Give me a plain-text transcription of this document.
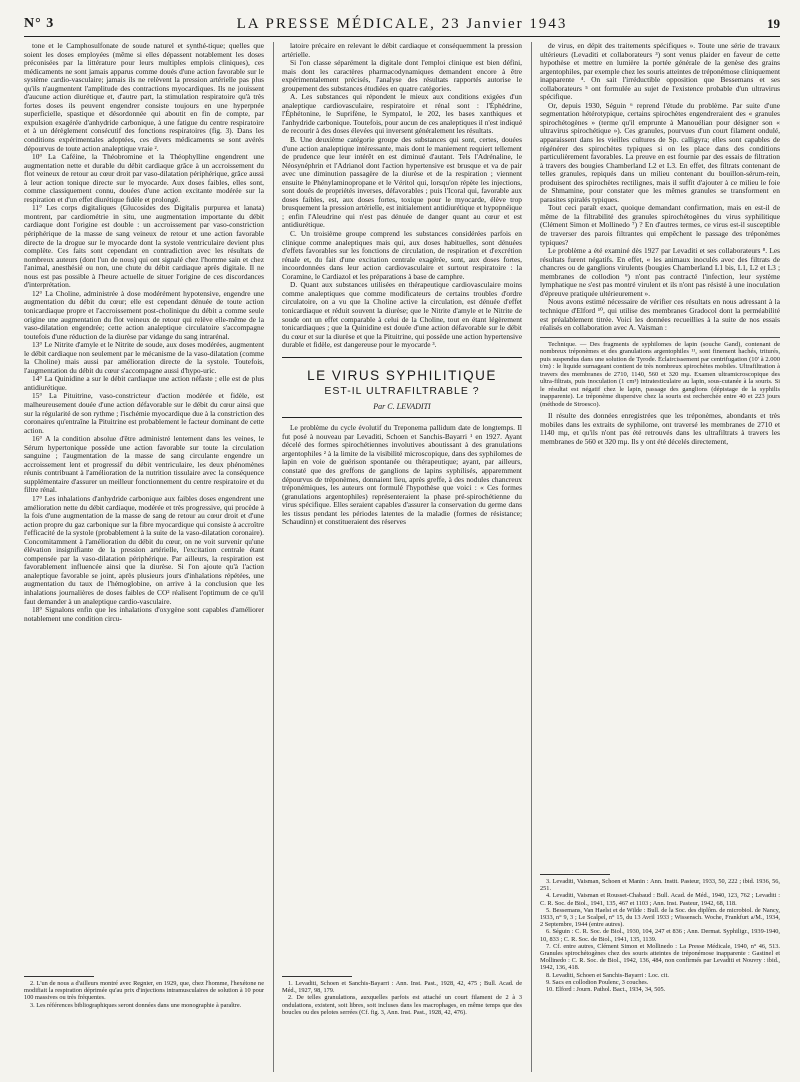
N° 3	LA PRESSE MÉDICALE, 23 Janvier 1943	19

tone et le Camphosulfonate de soude naturel et synthé-tique; quelles que soient les doses employées (même si elles dépassent notablement les doses préconisées par la littérature pour leurs multiples emplois cliniques), ces médicaments ne sont jamais apparus comme doués d'une action favorable sur le système cardio-vasculaire; jamais ils ne relèvent la pression artérielle pas plus qu'ils n'augmentent l'amplitude des contractions myocardiques. Ils ne jouissent d'aucune action diurétique et, d'autre part, la stimulation respiratoire qu'à très fortes doses ils peuvent engendrer consiste toujours en une hyperpnée superficielle, spastique et désordonnée qui aboutit en fin de compte, par expulsion exagérée d'anhydride carbonique, à une fatigue du centre respiratoire et à un dérèglement consécutif des fonctions respiratoires (fig. 3). Dans les conditions expérimentales adoptées, ces divers médicaments se sont avérés dépourvus de toute action analeptique vraie ².

10° La Caféine, la Théobromine et la Théophylline engendrent une augmentation nette et durable du débit cardiaque grâce à un accroissement du flot veineux de retour au cœur droit par vaso-dilatation périphérique, grâce aussi à leur action tonique directe sur le myocarde. Aux doses faibles, elles sont, comme classiquement connu, douées d'une action excitante modérée sur la respiration et d'un effet diurétique fidèle et prolongé.

11° Les corps digitaliques (Glucosides des Digitalis purpurea et lanata) montrent, par cardiométrie in situ, une augmentation importante du débit cardiaque dont l'origine est double : un accroissement par vaso-constriction périphérique de la masse de sang veineux de retour et une action favorable directe de la drogue sur le myocarde dont la systole ventriculaire devient plus complète. Ces faits sont cependant en contradiction avec les résultats de nombreux auteurs (dont l'un de nous) qui ont signalé chez l'homme sain et chez l'animal, anesthésié ou non, une chute du débit cardiaque après digitale. Il ne nous est pas possible à l'heure actuelle de situer l'origine de ces discordances d'interprétation.

12° La Choline, administrée à dose modérément hypotensive, engendre une augmentation du débit du cœur; elle est cependant dénuée de toute action tonicardiaque propre et l'accroissement post-cholinique du débit a comme seule origine une augmentation du flot veineux de retour qui relève elle-même de la vaso-dilatation engendrée; cette action analeptique circulatoire s'accompagne toutefois d'une réduction de la diurèse par vidange du sang intrarénal.

13° Le Nitrite d'amyle et le Nitrite de soude, aux doses modérées, augmentent le débit cardiaque non seulement par le mécanisme de la vaso-dilatation (comme la Choline) mais aussi par amélioration directe de la systole. Toutefois, l'augmentation du débit du cœur s'accompagne aussi d'hypo-uric.

14° La Quinidine a sur le débit cardiaque une action néfaste ; elle est de plus antidiurétique.

15° La Pituitrine, vaso-constricteur d'action modérée et fidèle, est malheureusement douée d'une action défavorable sur le débit du cœur ainsi que sur la régularité de son rythme ; l'ischémie myocardique due à la constriction des coronaires qu'entraîne la Pituitrine est probablement le facteur dominant de cette action.

16° A la condition absolue d'être administré lentement dans les veines, le Sérum hypertonique possède une action favorable sur toute la circulation sanguine ; l'augmentation de la masse de sang circulante engendre un accroissement lent et progressif du débit ventriculaire, les deux phénomènes réunis contribuant à l'amélioration de la nutrition tissulaire avec la conséquence supplémentaire d'assurer un meilleur fonctionnement du centre respiratoire et du filtre rénal.

17° Les inhalations d'anhydride carbonique aux faibles doses engendrent une amélioration nette du débit cardiaque, modérée et très progressive, qui procède à la fois d'une augmentation de la masse de sang de retour au cœur droit et d'une action propre du gaz carbonique sur la fibre myocardique qui consiste à accroître l'efficacité de la systole (probablement à la suite de la vaso-dilatation coronaire). Concomitamment à l'amélioration du débit du cœur, on ne voit survenir qu'une élévation insignifiante de la pression artérielle, l'excitation centrale étant compensée par la vaso-dilatation périphérique. Par ailleurs, la respiration est favorablement influencée ainsi que la diurèse. Si l'on ajoute qu'à l'action analeptique favorable se joint, après plusieurs jours d'inhalations répétées, une augmentation du taux de l'hémoglobine, on arrive à la conclusion que les inhalations journalières de doses faibles de CO² réalisent l'optimum de ce qu'il faut demander à un analeptique cardio-vasculaire.

18° Signalons enfin que les inhalations d'oxygène sont capables d'améliorer notablement une condition circu-

2. L'un de nous a d'ailleurs montré avec Regnier, en 1929, que, chez l'homme, l'hexétone ne modifiait la respiration déprimée qu'au prix d'injections intramusculaires de solution à 10 pour 100 massives ou très fréquentes.

3. Les références bibliographiques seront données dans une monographie à paraître.

latoire précaire en relevant le débit cardiaque et conséquemment la pression artérielle.

Si l'on classe séparément la digitale dont l'emploi clinique est bien défini, mais dont les caractères pharmacodynamiques demandent encore à être expérimentalement précisés, l'analyse des résultats rapportés autorise le groupement des substances étudiées en quatre catégories.

A. Les substances qui répondent le mieux aux conditions exigées d'un analeptique cardiovasculaire, respiratoire et rénal sont : l'Éphédrine, l'Éphétonine, le Suprifène, le Sympatol, le 202, les bases xanthiques et l'anhydride carbonique. Toutefois, pour aucun de ces analeptiques il n'est indiqué de recourir à des doses élevées qui inversent généralement les résultats.

B. Une deuxième catégorie groupe des substances qui sont, certes, douées d'une action analeptique intéressante, mais dont le maniement requiert tellement de prudence que leur intérêt en est diminué d'autant. Tels l'Adrénaline, le Néosynéphrin et l'Adrianol dont l'action hypertensive est brusque et va de pair avec une diminution passagère de la diurèse et de la respiration ; viennent ensuite le Phénylaminopropane et le Véritol qui, lorsqu'on répète les injections, sont doués de propriétés inverses, défavorables ; puis l'Icoral qui, favorable aux doses faibles, est, aux doses fortes, toxique pour le myocarde, élève trop brusquement la pression artérielle, est initialement antidiurétique et hypopnéique ; enfin l'Aleudrine qui n'est pas dénuée de danger quant au cœur et est antidiurétique.

C. Un troisième groupe comprend les substances considérées parfois en clinique comme analeptiques mais qui, aux doses habituelles, sont dénuées d'effets favorables sur les fonctions de circulation, de respiration et d'excrétion rénale et, du fait d'une excitation centrale exagérée, sont, aux doses fortes, incoordonnées dans leur action cardiovasculaire et surtout respiratoire : la Coramine, le Cardiazol et les préparations à base de camphre.

D. Quant aux substances utilisées en thérapeutique cardiovasculaire moins comme analeptiques que comme modificateurs de certains troubles d'ordre circulatoire, on a vu que la Choline active la circulation, est dénuée d'effet tonicardiaque et réduit souvent la diurèse; que le Nitrite d'amyle et le Nitrite de soude ont un effet comparable à celui de la Choline, tout en étant légèrement tonicardiaques ; que la Quinidine est douée d'une action défavorable sur le débit du cœur et sur la diurèse et que la Pituitrine, qui possède une action hypertensive durable et fidèle, est dangereuse pour le myocarde ³.

LE VIRUS SYPHILITIQUE
EST-IL ULTRAFILTRABLE ?
Par C. LEVADITI

Le problème du cycle évolutif du Treponema pallidum date de longtemps. Il fut posé à nouveau par Levaditi, Schoen et Sanchis-Bayarri ¹ en 1927. Ayant décelé des formes spirochétiennes involutives aboutissant à des granulations argentophiles ² à la limite de la visibilité microscopique, dans des syphilomes de lapin en voie de guérison spontanée ou thérapeutique; ayant, par ailleurs, constaté que des greffons de ganglions de lapins syphilisés, apparemment dépourvus de tréponèmes, donnaient lieu, après greffe, à des nodules chancreux tréponémiques, les auteurs ont formulé l'hypothèse que voici : « Ces formes (granulations argentophiles) représenteraient la phase pré-spirochétienne du virus spécifique. Elles seraient capables d'assurer la conservation du germe dans les tissus pendant les périodes latentes de la maladie (formes de résistance; Schaudinn) et constitueraient des réserves

1. Levaditi, Schoen et Sanchis-Bayarri : Ann. Inst. Past., 1928, 42, 475 ; Bull. Acad. de Méd., 1927, 98, 179.

2. De telles granulations, auxquelles parfois est attaché un court filament de 2 à 3 ondulations, existent, soit libres, soit incluses dans les macrophages, en même temps que des boucles ou des pelotes serrées (Cf. fig. 3, Ann. Inst. Past., 1928, 42, 476).

de virus, en dépit des traitements spécifiques ». Toute une série de travaux ultérieurs (Levaditi et collaborateurs ³) sont venus plaider en faveur de cette hypothèse et mettre en lumière la portée générale de la genèse des grains argentophiles, par exemple chez les souris atteintes de tréponémose cliniquement inapparente ⁴. On sait l'irréductible opposition que Bessemans et ses collaborateurs ⁵ ont formulée au sujet de l'existence probable d'un ultravirus spécifique.

Or, depuis 1930, Séguin ⁶ reprend l'étude du problème. Par suite d'une segmentation hétérotypique, certains spirochètes engendreraient des « granules spirochétogènes » (terme qu'il emprunte à Manouélian pour désigner son « ultravirus spirochétique »). Ces granules, pourvues d'un court filament ondulé, apparaissent dans les vieilles cultures de Sp. calligyra; elles sont capables de régénérer des spirochètes typiques si on les place dans des conditions particulièrement favorables. La preuve en est fournie par des essais de filtration à travers des bougies Chamberland L2 et L3. En effet, des filtrats contenant de telles granules, repiqués dans un milieu contenant du bouillon-sérum-rein, produisent des spirochètes rectilignes, mais il suffit d'ajouter à ce milieu le foie de Shmamine, pour constater que les mêmes granules se transforment en parasites spiralés typiques.

Tout ceci paraît exact, quoique demandant confirmation, mais en est-il de même de la filtrabilité des granules spirochétogènes du virus syphilitique (Clément Simon et Mollinedo ⁷) ? En d'autres termes, ce virus est-il susceptible de traverser des parois filtrantes qui empêchent le passage des tréponèmes typiques?

Le problème a été examiné dès 1927 par Levaditi et ses collaborateurs ⁸. Les résultats furent négatifs. En effet, « les animaux inoculés avec des filtrats de chancres ou de ganglions virulents (bougies Chamberland L1 bis, L1, L2 et L3 ; membranes de collodion ⁹) n'ont pas contracté l'infection, leur système lymphatique ne s'est pas montré virulent et ils n'ont pas résisté à une inoculation d'épreuve pratiquée ultérieurement ».

Nous avons estimé nécessaire de vérifier ces résultats en nous adressant à la technique d'Elford ¹⁰, qui utilise des membranes Gradocol dont la perméabilité est préalablement titrée. Voici les données recueillies à la suite de nos essais réalisés en collaboration avec A. Vaisman :

Technique. — Des fragments de syphilomes de lapin (souche Gand), contenant de nombreux tréponèmes et des granulations argentophiles ¹¹, sont finement hachés, triturés, puis suspendus dans une solution de Tyrode. Éclaircissement par centrifugation (10' à 2.000 t/m) : le liquide surnageant contient de très nombreux spirochètes mobiles. Ultrafiltration à travers des membranes de 2710, 1140, 560 et 320 mμ. Examen ultramicroscopique des ultra-filtrats, puis inoculation (1 cm³) intratesticulaire au lapin, sous-cutanée à la souris. Si le résultat est négatif chez le lapin, passage des ganglions (dépistage de la syphilis inapparente). Le tréponème dispersive chez la souris est recherchée entre 40 et 223 jours (méthode de Stroesco).

Il résulte des données enregistrées que les tréponèmes, abondants et très mobiles dans les extraits de syphilome, ont traversé les membranes de 2710 et 1140 mμ, et qu'ils n'ont pas été retrouvés dans les ultrafiltrats à travers les membranes de 560 et 320 mμ. Ils y ont été décelés directement,

3. Levaditi, Vaisman, Schoen et Manin : Ann. Instit. Pasteur, 1933, 50, 222 ; ibid. 1936, 56, 251.

4. Levaditi, Vaisman et Rousset-Chabaud : Bull. Acad. de Méd., 1940, 123, 762 ; Levaditi : C. R. Soc. de Biol., 1941, 135, 467 et 1103 ; Ann. Inst. Pasteur, 1942, 68, 118.

5. Bessemans, Van Haelst et de Wilde : Bull. de la Soc. des diplôm. de microbiol. de Nancy, 1933, n° 9, 3 ; Le Scalpel, n° 15, du 13 Avril 1933 ; Wissensch. Woche, Frankfurt a/M., 1934, 2 Septembre, 1944 (entre autres).

6. Séguin : C. R. Soc. de Biol., 1930, 104, 247 et 836 ; Ann. Dermat. Syphiligr., 1939-1940, 10, 833 ; C. R. Soc. de Biol., 1941, 135, 1139.

7. Cf. entre autres, Clément Simon et Mollinedo : La Presse Médicale, 1940, n° 46, 513. Granules spirochétogènes chez des souris atteintes de tréponémose inapparente : Gastinel et Mollinedo : C. R. Soc. de Biol., 1942, 136, 484, non confirmés par Levaditi et Nouvry : ibid., 1942, 136, 418.

8. Levaditi, Schoen et Sanchis-Bayarri : Loc. cit.

9. Sacs en collodion Poulenc, 3 couches.

10. Elford : Journ. Pathol. Bact., 1934, 34, 505.
